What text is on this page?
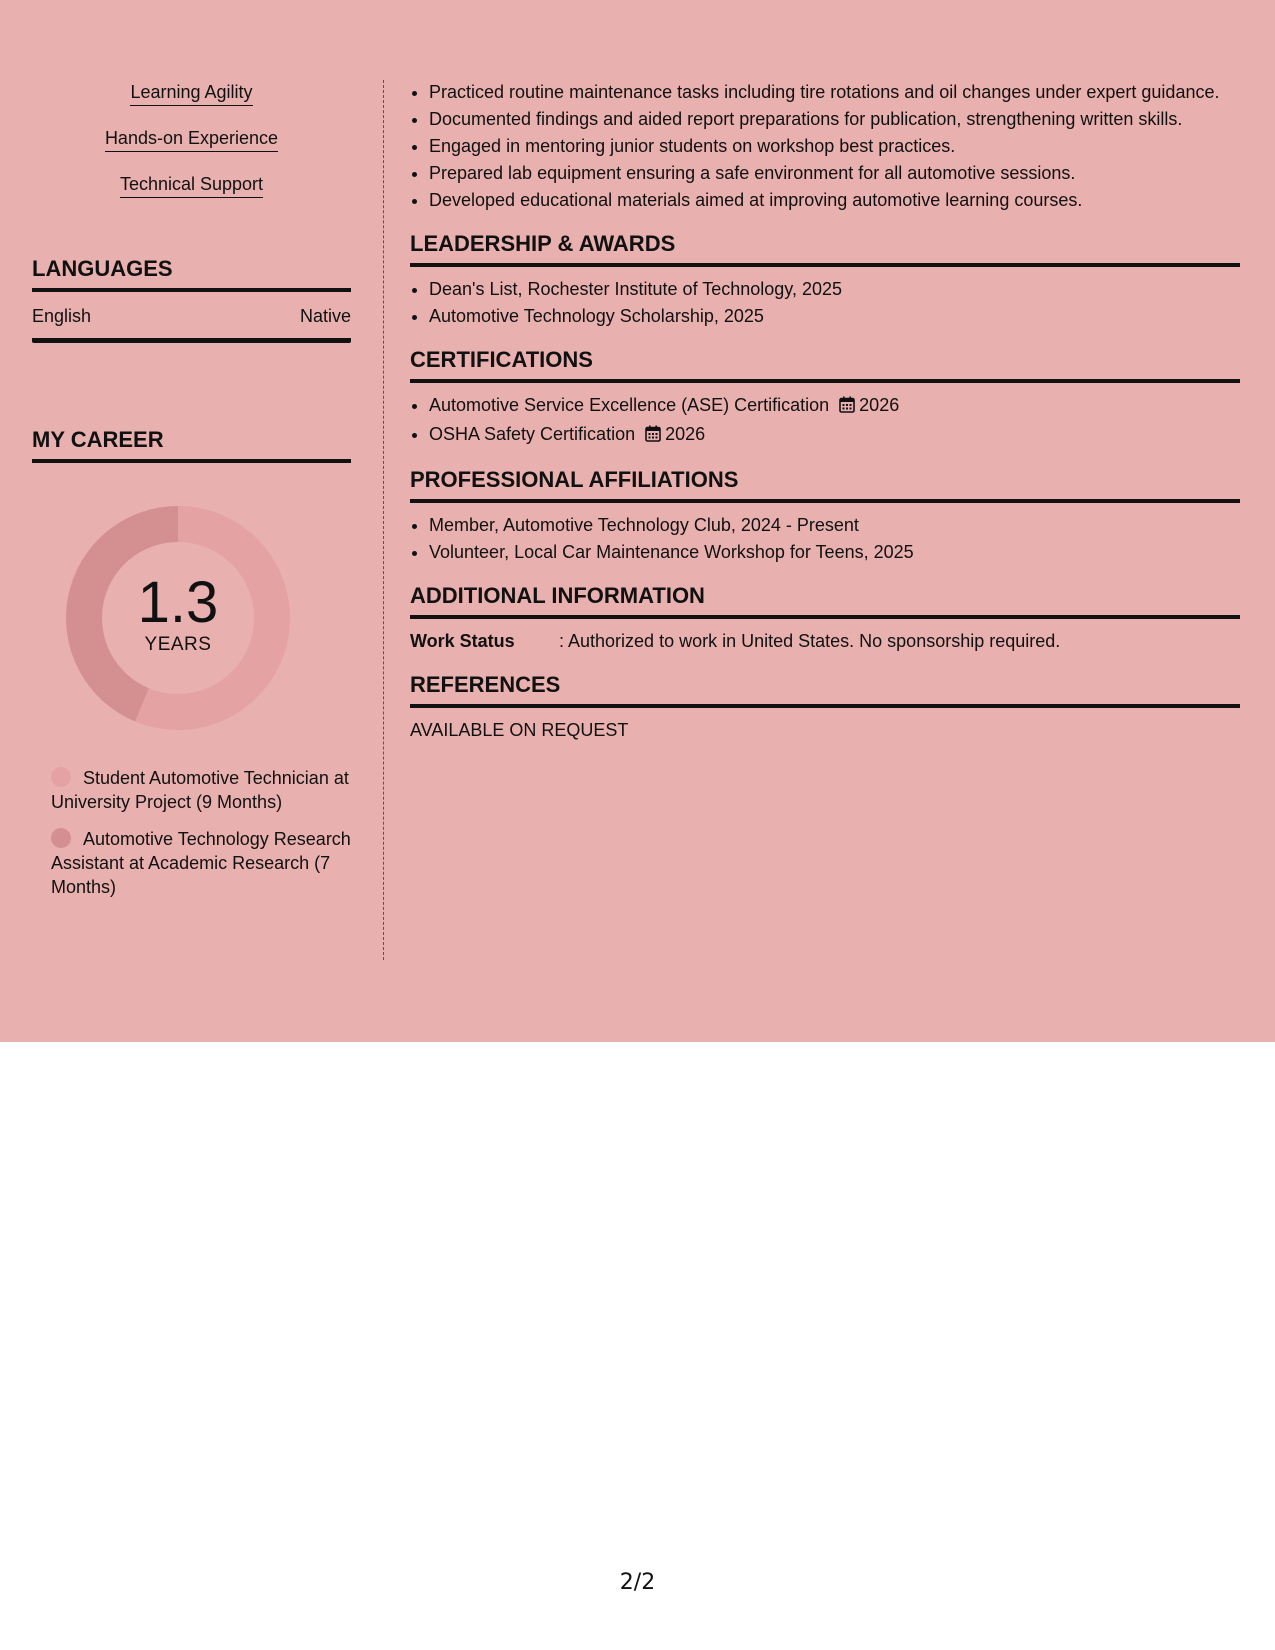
Learning Agility
Hands-on Experience
Technical Support
LANGUAGES
English	Native
MY CAREER
1.3
YEARS
Student Automotive Technician at University Project (9 Months)
Automotive Technology Research Assistant at Academic Research (7 Months)
• Practiced routine maintenance tasks including tire rotations and oil changes under expert guidance.
• Documented findings and aided report preparations for publication, strengthening written skills.
• Engaged in mentoring junior students on workshop best practices.
• Prepared lab equipment ensuring a safe environment for all automotive sessions.
• Developed educational materials aimed at improving automotive learning courses.
LEADERSHIP & AWARDS
• Dean's List, Rochester Institute of Technology, 2025
• Automotive Technology Scholarship, 2025
CERTIFICATIONS
• Automotive Service Excellence (ASE) Certification 2026
• OSHA Safety Certification 2026
PROFESSIONAL AFFILIATIONS
• Member, Automotive Technology Club, 2024 - Present
• Volunteer, Local Car Maintenance Workshop for Teens, 2025
ADDITIONAL INFORMATION
Work Status	: Authorized to work in United States. No sponsorship required.
REFERENCES
AVAILABLE ON REQUEST
2/2
